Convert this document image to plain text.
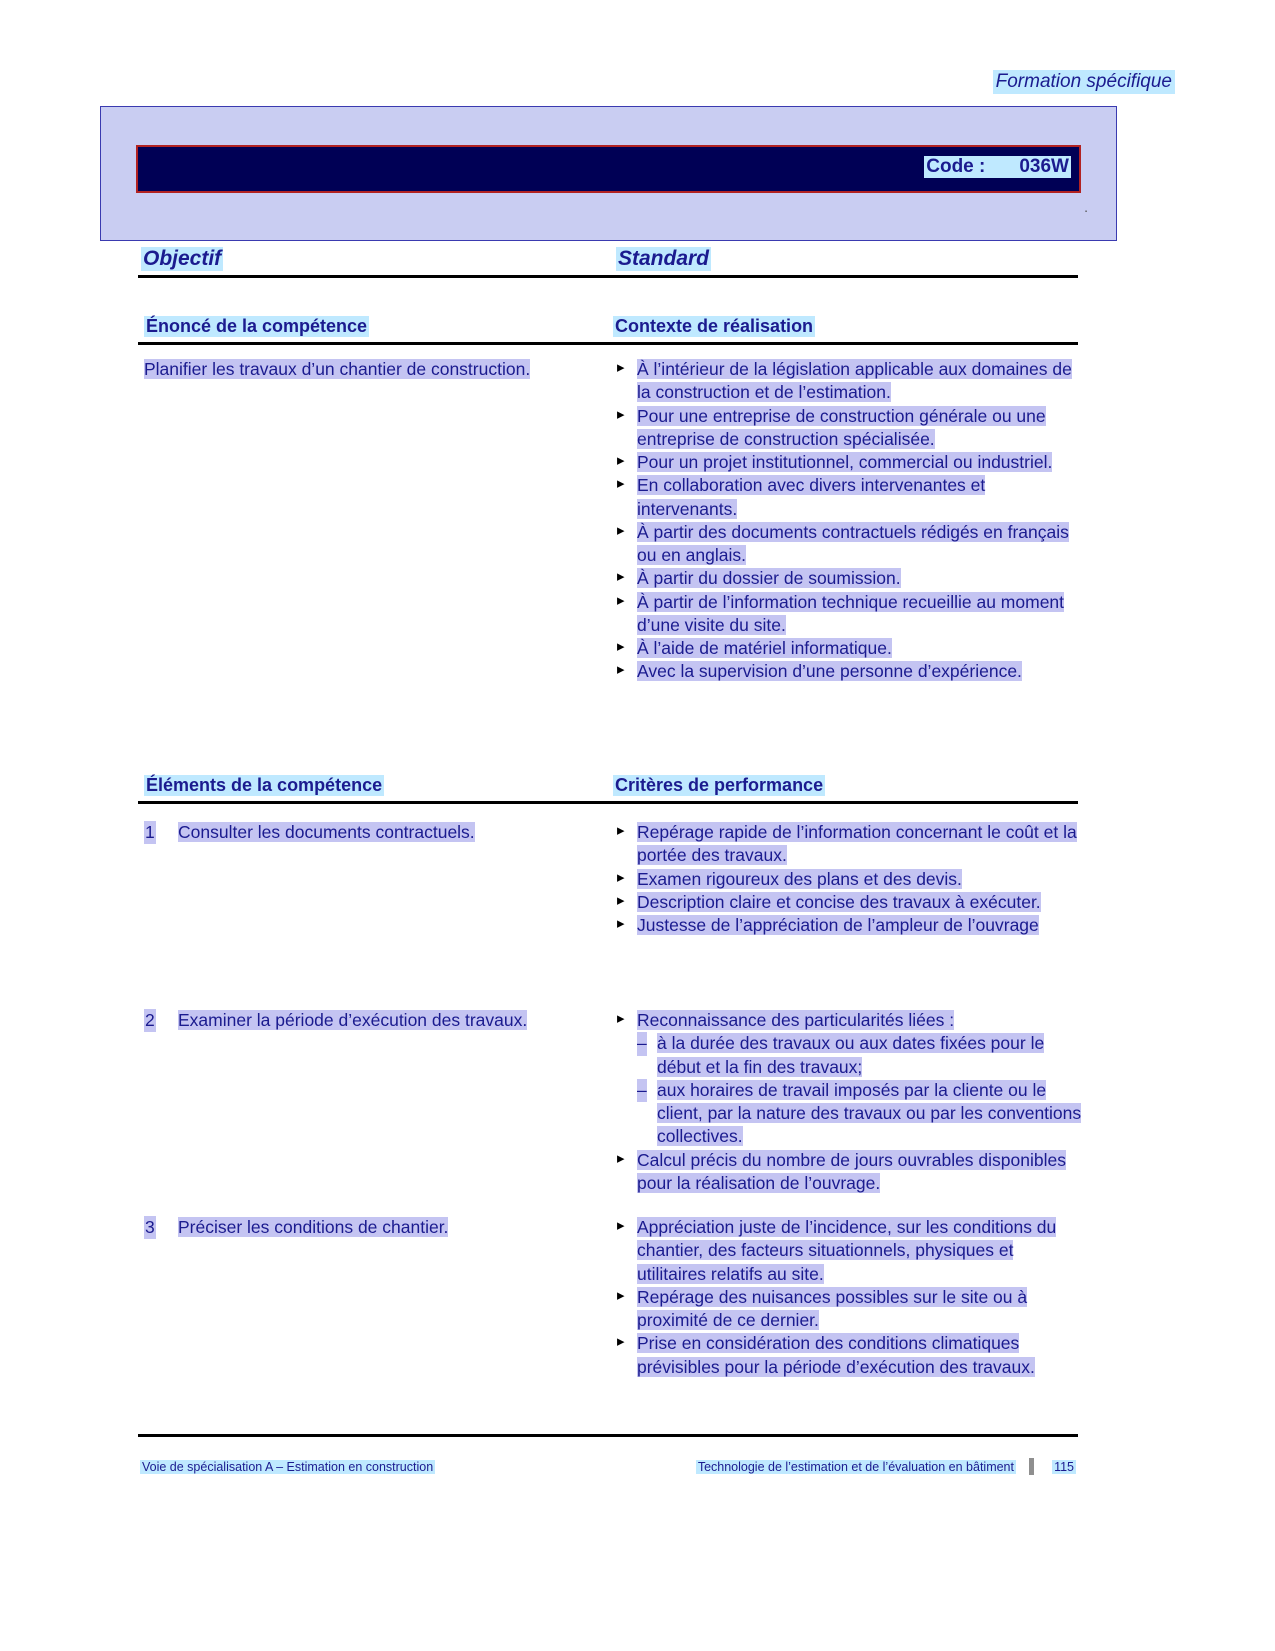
Formation spécifique
Code : 036W
.
Objectif	Standard
Énoncé de la compétence	Contexte de réalisation
Planifier les travaux d’un chantier de construction.	▸ À l’intérieur de la législation applicable aux domaines de la construction et de l’estimation.
▸ Pour une entreprise de construction générale ou une entreprise de construction spécialisée.
▸ Pour un projet institutionnel, commercial ou industriel.
▸ En collaboration avec divers intervenantes et intervenants.
▸ À partir des documents contractuels rédigés en français ou en anglais.
▸ À partir du dossier de soumission.
▸ À partir de l’information technique recueillie au moment d’une visite du site.
▸ À l’aide de matériel informatique.
▸ Avec la supervision d’une personne d’expérience.
Éléments de la compétence	Critères de performance
1 Consulter les documents contractuels.	▸ Repérage rapide de l’information concernant le coût et la portée des travaux.
▸ Examen rigoureux des plans et des devis.
▸ Description claire et concise des travaux à exécuter.
▸ Justesse de l’appréciation de l’ampleur de l’ouvrage
2 Examiner la période d’exécution des travaux.	▸ Reconnaissance des particularités liées :
– à la durée des travaux ou aux dates fixées pour le début et la fin des travaux;
– aux horaires de travail imposés par la cliente ou le client, par la nature des travaux ou par les conventions collectives.
▸ Calcul précis du nombre de jours ouvrables disponibles pour la réalisation de l’ouvrage.
3 Préciser les conditions de chantier.	▸ Appréciation juste de l’incidence, sur les conditions du chantier, des facteurs situationnels, physiques et utilitaires relatifs au site.
▸ Repérage des nuisances possibles sur le site ou à proximité de ce dernier.
▸ Prise en considération des conditions climatiques prévisibles pour la période d’exécution des travaux.
Voie de spécialisation A – Estimation en construction	Technologie de l’estimation et de l’évaluation en bâtiment	115
